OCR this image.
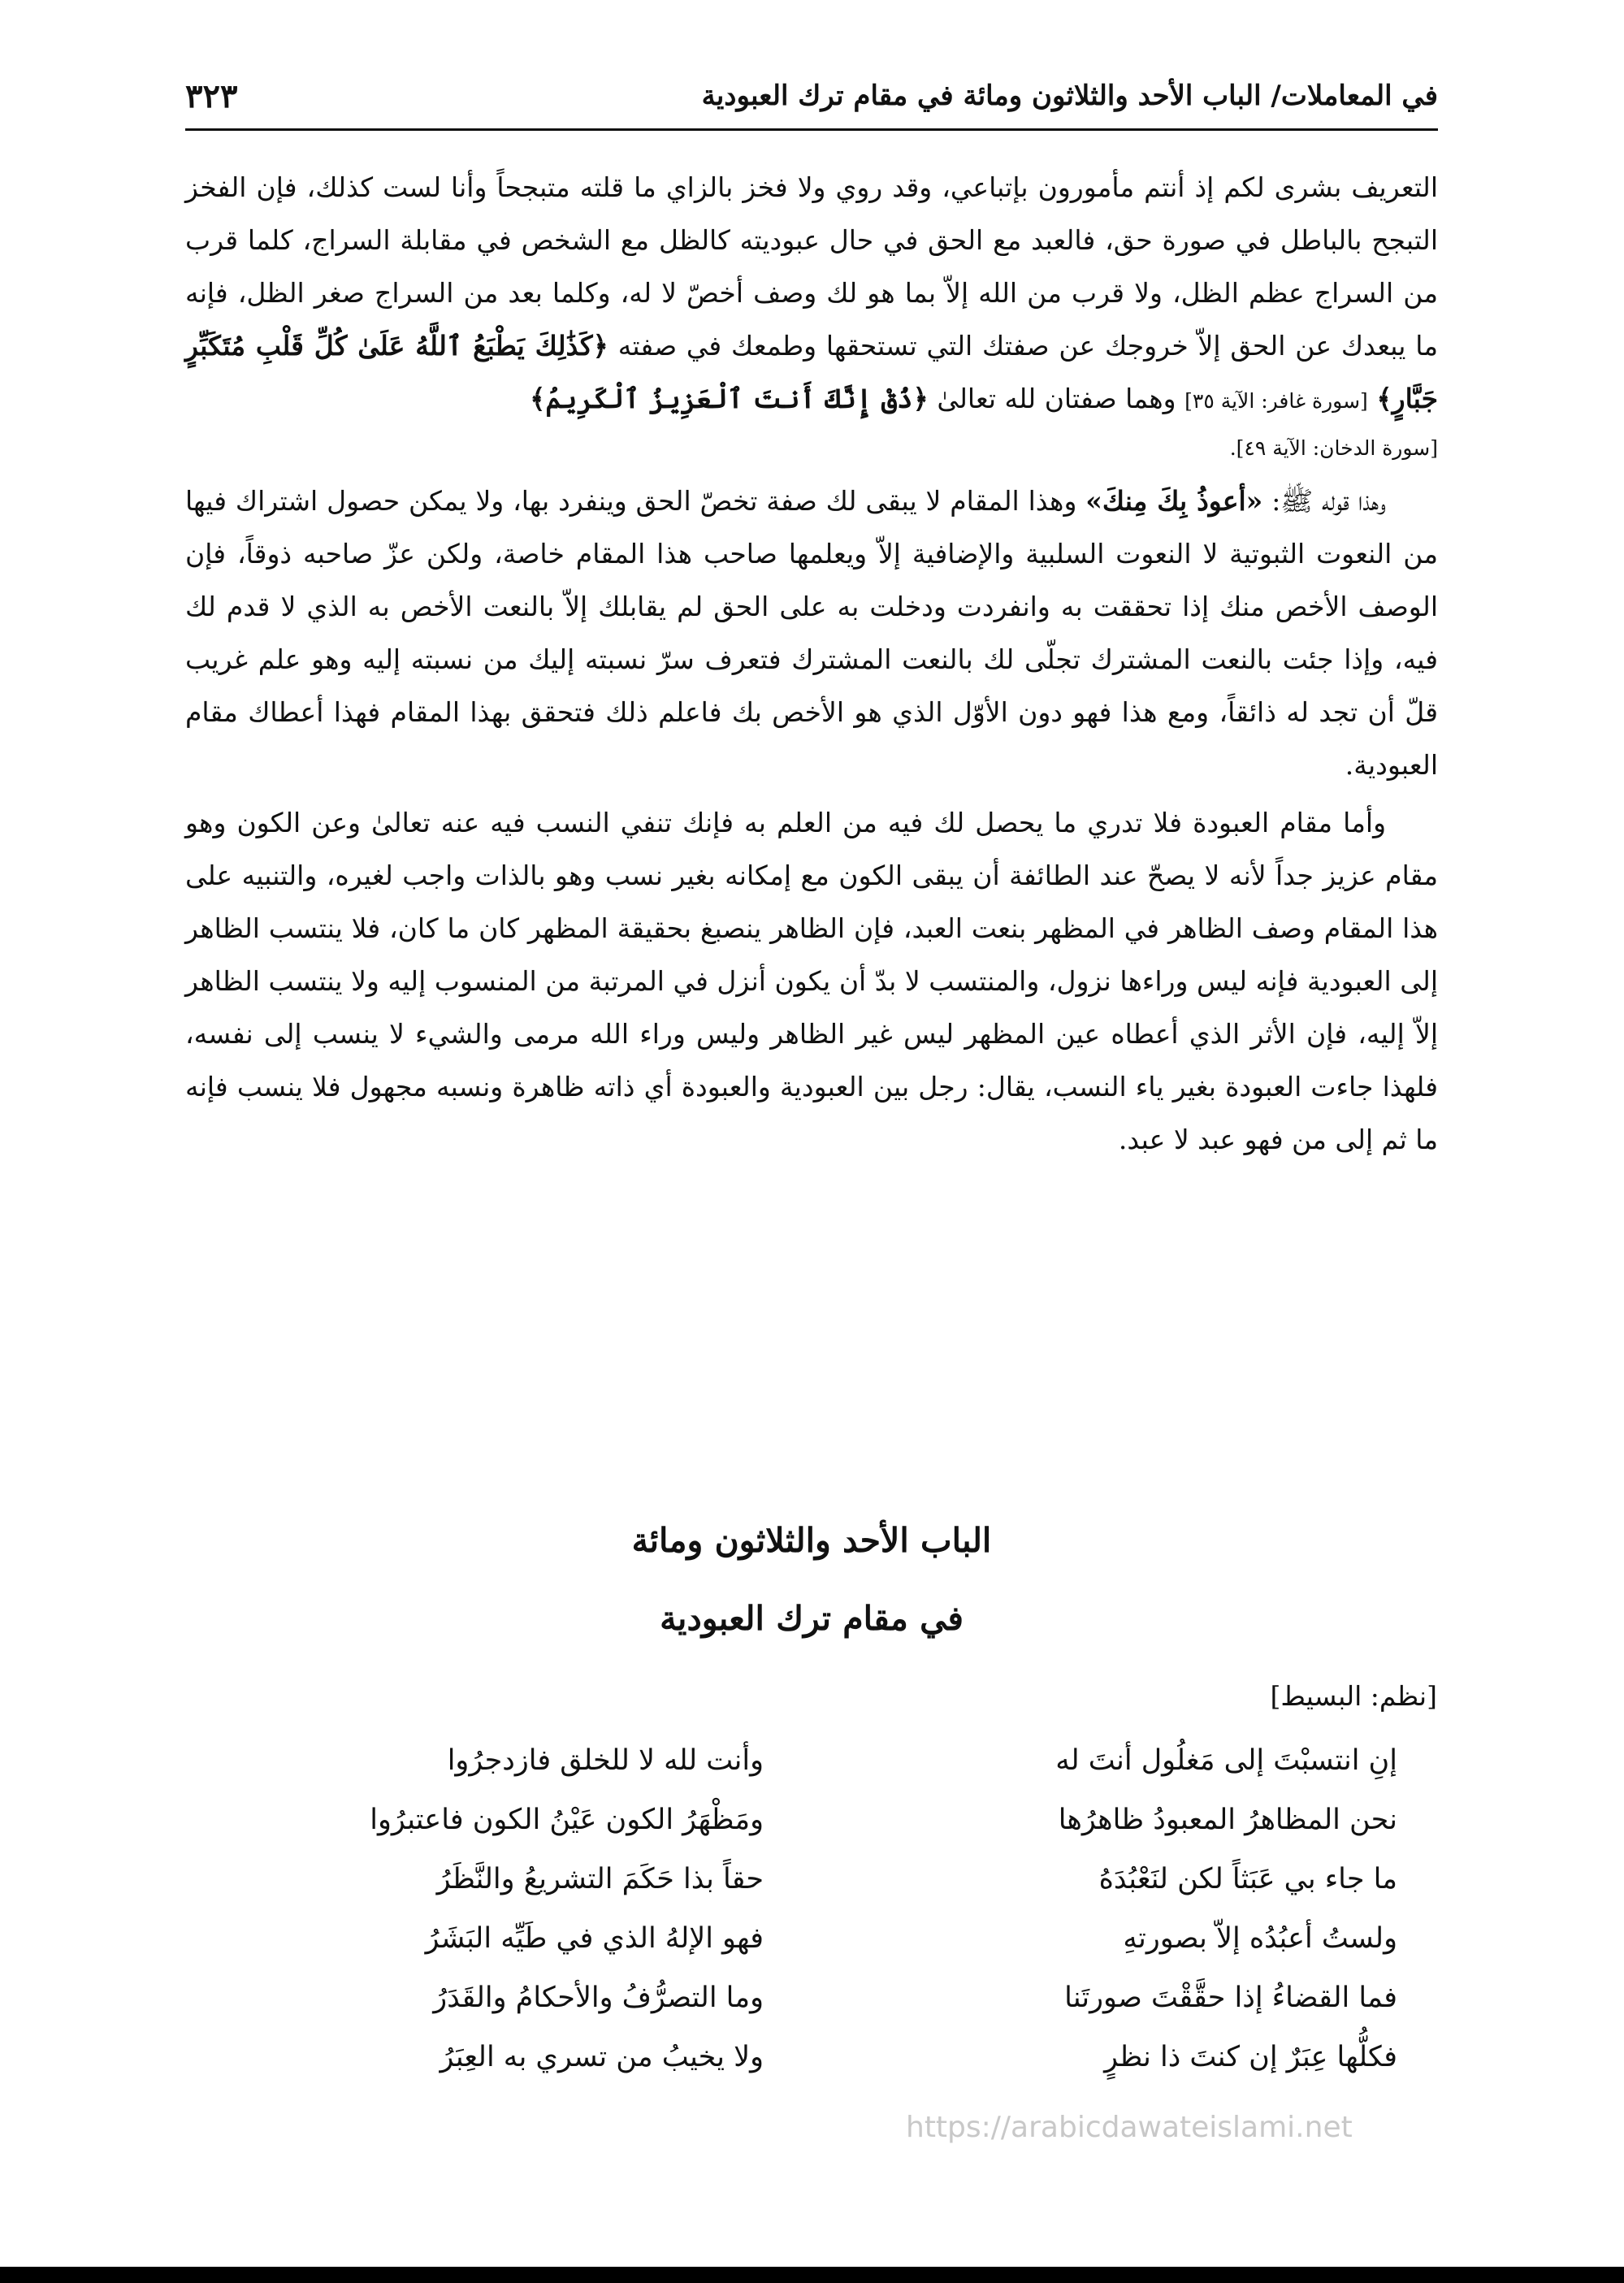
في المعاملات/ الباب الأحد والثلاثون ومائة في مقام ترك العبودية
٣٢٣

التعريف بشرى لكم إذ أنتم مأمورون بإتباعي، وقد روي ولا فخز بالزاي ما قلته متبجحاً وأنا لست كذلك، فإن الفخز التبجح بالباطل في صورة حق، فالعبد مع الحق في حال عبوديته كالظل مع الشخص في مقابلة السراج، كلما قرب من السراج عظم الظل، ولا قرب من الله إلاّ بما هو لك وصف أخصّ لا له، وكلما بعد من السراج صغر الظل، فإنه ما يبعدك عن الحق إلاّ خروجك عن صفتك التي تستحقها وطمعك في صفته ﴿كَذَٰلِكَ يَطْبَعُ ٱللَّهُ عَلَىٰ كُلِّ قَلْبِ مُتَكَبِّرٍ جَبَّارٍ﴾ [سورة غافر: الآية ٣٥] وهما صفتان لله تعالىٰ ﴿ذُقْ إِنَّكَ أَنتَ ٱلْعَزِيزُ ٱلْكَرِيمُ﴾

[سورة الدخان: الآية ٤٩].

وهذا قوله ﷺ: «أعوذُ بِكَ مِنكَ» وهذا المقام لا يبقى لك صفة تخصّ الحق وينفرد بها، ولا يمكن حصول اشتراك فيها من النعوت الثبوتية لا النعوت السلبية والإضافية إلاّ ويعلمها صاحب هذا المقام خاصة، ولكن عزّ صاحبه ذوقاً، فإن الوصف الأخص منك إذا تحققت به وانفردت ودخلت به على الحق لم يقابلك إلاّ بالنعت الأخص به الذي لا قدم لك فيه، وإذا جئت بالنعت المشترك تجلّى لك بالنعت المشترك فتعرف سرّ نسبته إليك من نسبته إليه وهو علم غريب قلّ أن تجد له ذائقاً، ومع هذا فهو دون الأوّل الذي هو الأخص بك فاعلم ذلك فتحقق بهذا المقام فهذا أعطاك مقام العبودية.

وأما مقام العبودة فلا تدري ما يحصل لك فيه من العلم به فإنك تنفي النسب فيه عنه تعالىٰ وعن الكون وهو مقام عزيز جداً لأنه لا يصحّ عند الطائفة أن يبقى الكون مع إمكانه بغير نسب وهو بالذات واجب لغيره، والتنبيه على هذا المقام وصف الظاهر في المظهر بنعت العبد، فإن الظاهر ينصبغ بحقيقة المظهر كان ما كان، فلا ينتسب الظاهر إلى العبودية فإنه ليس وراءها نزول، والمنتسب لا بدّ أن يكون أنزل في المرتبة من المنسوب إليه ولا ينتسب الظاهر إلاّ إليه، فإن الأثر الذي أعطاه عين المظهر ليس غير الظاهر وليس وراء الله مرمى والشيء لا ينسب إلى نفسه، فلهذا جاءت العبودة بغير ياء النسب، يقال: رجل بين العبودية والعبودة أي ذاته ظاهرة ونسبه مجهول فلا ينسب فإنه ما ثم إلى من فهو عبد لا عبد.

الباب الأحد والثلاثون ومائة
في مقام ترك العبودية
[نظم: البسيط]
إنِ انتسبْتَ إلى مَغلُول أنتَ له
وأنت لله لا للخلق فازدجرُوا
نحن المظاهرُ المعبودُ ظاهرُها
ومَظْهَرُ الكون عَيْنُ الكون فاعتبرُوا
ما جاء بي عَبَثاً لكن لنَعْبُدَهُ
حقاً بذا حَكَمَ التشريعُ والنَّظَرُ
ولستُ أعبُدُه إلاّ بصورتهِ
فهو الإلهُ الذي في طَيِّه البَشَرُ
فما القضاءُ إذا حقَّقْتَ صورتَنا
وما التصرُّفُ والأحكامُ والقَدَرُ
فكلُّها عِبَرٌ إن كنتَ ذا نظرٍ
ولا يخيبُ من تسري به العِبَرُ
https://arabicdawateislami.net
